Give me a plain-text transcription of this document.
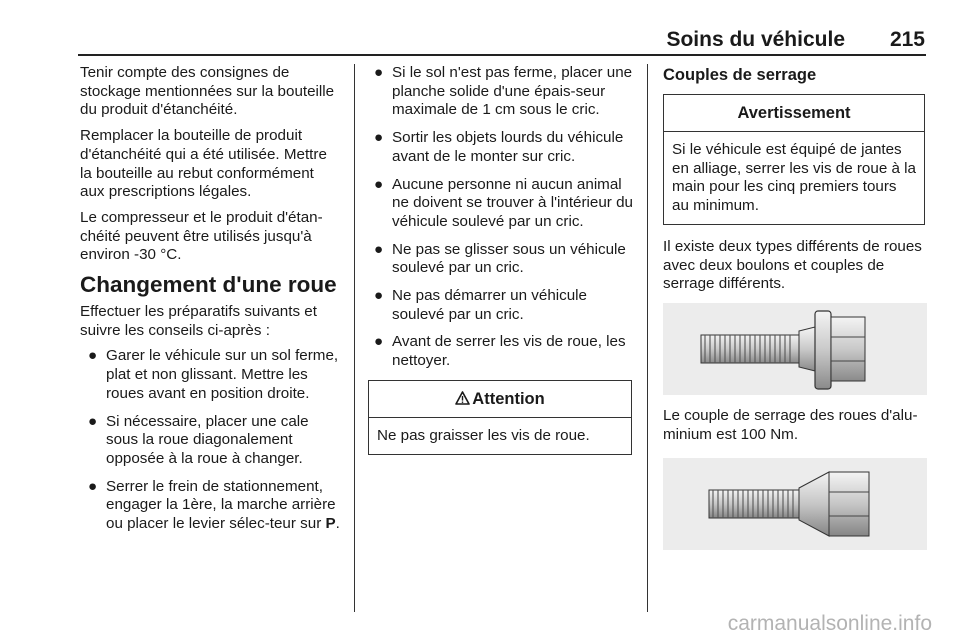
Soins du véhicule 215

Tenir compte des consignes de stockage mentionnées sur la bouteille du produit d'étanchéité.

Remplacer la bouteille de produit d'étanchéité qui a été utilisée. Mettre la bouteille au rebut conformément aux prescriptions légales.

Le compresseur et le produit d'étan-chéité peuvent être utilisés jusqu'à environ -30 °C.

Changement d'une roue

Effectuer les préparatifs suivants et suivre les conseils ci-après :

● Garer le véhicule sur un sol ferme, plat et non glissant. Mettre les roues avant en position droite.
● Si nécessaire, placer une cale sous la roue diagonalement opposée à la roue à changer.
● Serrer le frein de stationnement, engager la 1ère, la marche arrière ou placer le levier sélec-teur sur P.
● Si le sol n'est pas ferme, placer une planche solide d'une épais-seur maximale de 1 cm sous le cric.
● Sortir les objets lourds du véhicule avant de le monter sur cric.
● Aucune personne ni aucun animal ne doivent se trouver à l'intérieur du véhicule soulevé par un cric.
● Ne pas se glisser sous un véhicule soulevé par un cric.
● Ne pas démarrer un véhicule soulevé par un cric.
● Avant de serrer les vis de roue, les nettoyer.
Attention
Ne pas graisser les vis de roue.
Couples de serrage
Avertissement
Si le véhicule est équipé de jantes en alliage, serrer les vis de roue à la main pour les cinq premiers tours au minimum.

Il existe deux types différents de roues avec deux boulons et couples de serrage différents.

Le couple de serrage des roues d'alu-minium est 100 Nm.

carmanualsonline.info
